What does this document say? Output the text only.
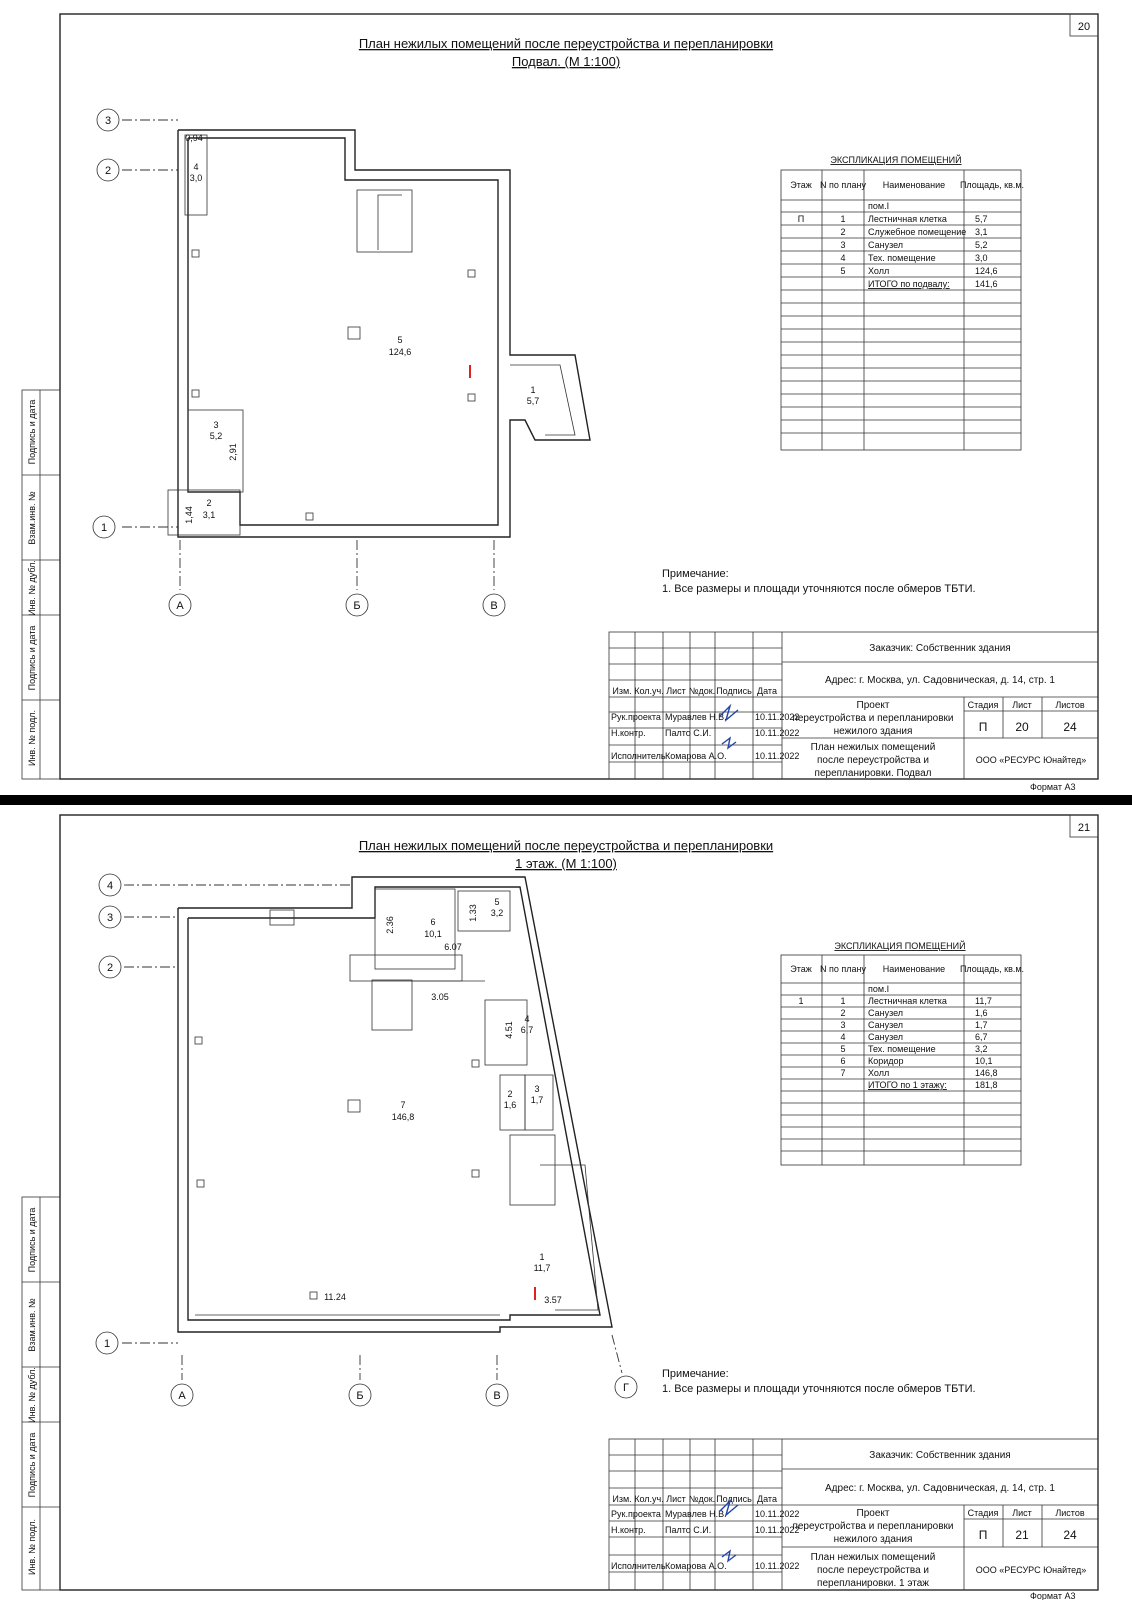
20
Инв. № подл.
Подпись и дата
Инв. № дубл.
Взам.инв. №
Подпись и дата
План нежилых помещений после переустройства и перепланировки
Подвал. (М 1:100)
3
2
1
А	Б	В
5
124,6
1
5,7
3
5,2
2
3,1
4
3,0
0,94
2,91
1,44
ЭКСПЛИКАЦИЯ ПОМЕЩЕНИЙ
Этаж N по плану Наименование Площадь, кв.м.
пом.I
П	1 Лестничная клетка	5,7
2 Служебное помещение 3,1
3 Санузел	5,2
4 Тех. помещение	3,0
5 Холл	124,6
ИТОГО по подвалу:	141,6
Примечание:
1. Все размеры и площади уточняются после обмеров ТБТИ.
Изм. Кол.уч. Лист №док. Подпись Дата
Рук.проекта Муравлев Н.В.	10.11.2022
Н.контр. Палто С.И.	10.11.2022
Исполнитель Комарова А.О.	10.11.2022
Заказчик: Собственник здания
Адрес: г. Москва, ул. Садовническая, д. 14, стр. 1
Проект
переустройства и перепланировки
нежилого здания
Стадия Лист	Листов
П 20	24
План нежилых помещений
после переустройства и
перепланировки. Подвал
ООО «РЕСУРС Юнайтед»
Формат А3
21
Инв. № подл.
Подпись и дата
Инв. № дубл.
Взам.инв. №
Подпись и дата
План нежилых помещений после переустройства и перепланировки
1 этаж. (М 1:100)
4
3
2
1
А	Б	В
Г
6
10,1
5
3,2
4
6,7
7
146,8
2
1,6
3
1,7
1
11,7
2.36
1.33
6.07
3.05
4.51
11.24	3.57
ЭКСПЛИКАЦИЯ ПОМЕЩЕНИЙ
Этаж N по плану Наименование Площадь, кв.м.
пом.I
1	1 Лестничная клетка	11,7
2 Санузел	1,6
3 Санузел	1,7
4 Санузел	6,7
5 Тех. помещение	3,2
6 Коридор	10,1
7 Холл	146,8
ИТОГО по 1 этажу:	181,8
Примечание:
1. Все размеры и площади уточняются после обмеров ТБТИ.
Изм. Кол.уч. Лист №док. Подпись Дата
Рук.проекта Муравлев Н.В.	10.11.2022
Н.контр. Палто С.И.	10.11.2022
Исполнитель Комарова А.О.	10.11.2022
Заказчик: Собственник здания
Адрес: г. Москва, ул. Садовническая, д. 14, стр. 1
Проект
переустройства и перепланировки
нежилого здания
Стадия Лист	Листов
П 21	24
План нежилых помещений
после переустройства и
перепланировки. 1 этаж
ООО «РЕСУРС Юнайтед»
Формат А3
